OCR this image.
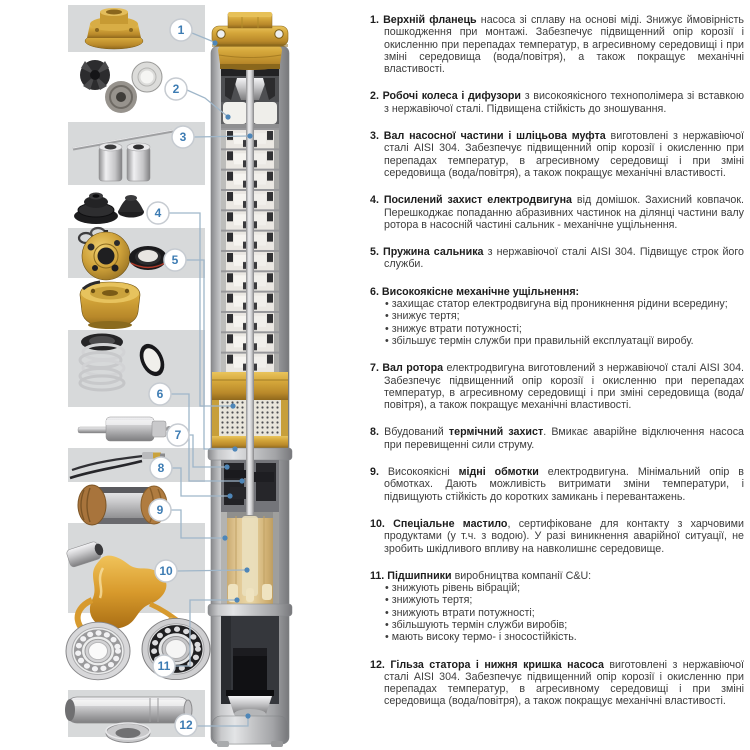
1
2
3
4
5
6
7
8
9
10
11
12
1. Верхній фланець насоса зі сплаву на основі міді. Знижує ймовірність пошкодження при монтажі. Забезпечує підвищенний опір корозії і окисленню при перепадах температур, в агресивному середовищі і при зміні середовища (вода/повітря), а також покращує механічні властивості.
2. Робочі колеса і дифузори з високоякісного технополімера зі вставкою з нержавіючої сталі. Підвищена стійкість до зношування.
3. Вал насосної частини і шліцьова муфта виготовлені з нержавіючої сталі AISI 304. Забезпечує підвищенний опір корозії і окисленню при перепадах температур, в агресивному середовищі і при зміні середовища (вода/повітря), а також покращує механічні властивості.
4. Посилений захист електродвигуна від домішок. Захисний ковпачок. Перешкоджає попаданню абразивних частинок на ділянці частини валу ротора в насосній частині сальник - механічне ущільнення.
5. Пружина сальника з нержавіючої сталі AISI 304. Підвищує строк його служби.
6. Високоякісне механічне ущільнення:
• захищає статор електродвигуна від проникнення рідини всередину;
• знижує тертя;
• знижує втрати потужності;
• збільшує термін служби при правильній експлуатації виробу.
7. Вал ротора електродвигуна виготовлений з нержавіючої сталі AISI 304. Забезпечує підвищенний опір корозії і окисленню при перепадах температур, в агресивному середовищі і при зміні середовища (вода/повітря), а також покращує механічні властивості.
8. Вбудований термічний захист. Вмикає аварійне відключення насоса при перевищенні сили струму.
9. Високоякісні мідні обмотки електродвигуна. Мінімальний опір в обмотках. Дають можливість витримати зміни температури, і підвищують стійкість до коротких замикань і перевантажень.
10. Спеціальне мастило, сертифіковане для контакту з харчовими продуктами (у т.ч. з водою). У разі виникнення аварійної ситуації, не зробить шкідливого впливу на навколишнє середовище.
11. Підшипники виробництва компанії C&U:
• знижують рівень вібрацій;
• знижують тертя;
• знижують втрати потужності;
• збільшують термін служби виробів;
• мають високу термо- і зносостійкість.
12. Гільза статора і нижня кришка насоса виготовлені з нержавіючої сталі AISI 304. Забезпечує підвищенний опір корозії і окисленню при перепадах температур, в агресивному середовищі і при зміні середовища (вода/повітря), а також покращує механічні властивості.
